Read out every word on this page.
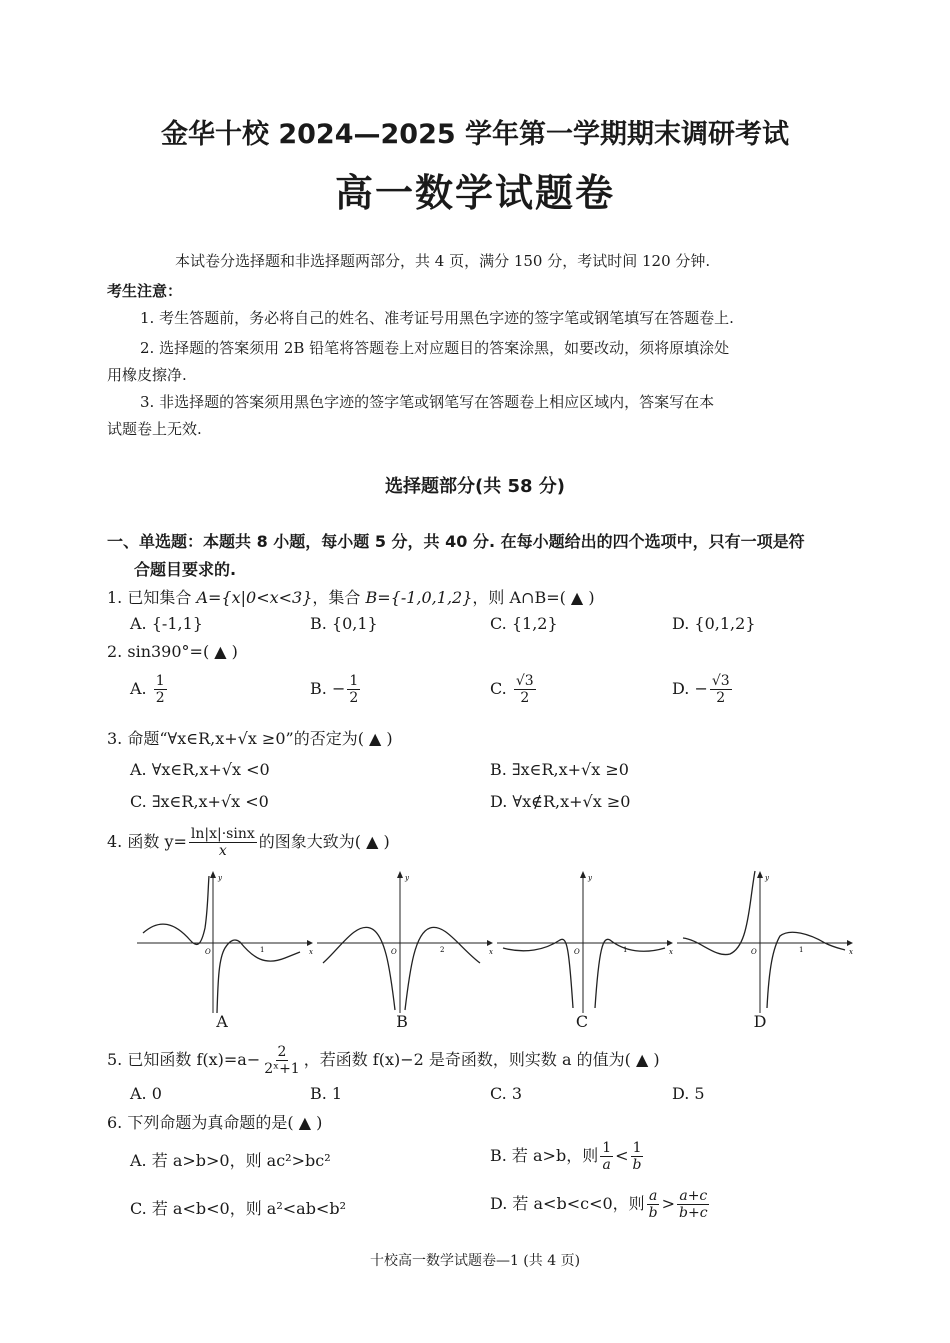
金华十校 2024—2025 学年第一学期期末调研考试
高一数学试题卷
本试卷分选择题和非选择题两部分，共 4 页，满分 150 分，考试时间 120 分钟.
考生注意：
1. 考生答题前，务必将自己的姓名、准考证号用黑色字迹的签字笔或钢笔填写在答题卷上.
2. 选择题的答案须用 2B 铅笔将答题卷上对应题目的答案涂黑，如要改动，须将原填涂处
用橡皮擦净.
3. 非选择题的答案须用黑色字迹的签字笔或钢笔写在答题卷上相应区域内，答案写在本
试题卷上无效.
选择题部分(共 58 分)
一、单选题：本题共 8 小题，每小题 5 分，共 40 分. 在每小题给出的四个选项中，只有一项是符
合题目要求的.
1. 已知集合 A={x|0<x<3}，集合 B={-1,0,1,2}，则 A∩B=( ▲ )
A. {-1,1}	B. {0,1}	C. {1,2}	D. {0,1,2}
2. sin390°=( ▲ )
A. $\frac{1}{2}$	B. − $\frac{1}{2}$	C. $\frac{√3}{2}$	D. − $\frac{√3}{2}$
3. 命题“∀x∈R,x+√x ≥0”的否定为( ▲ )
A. ∀x∈R,x+√x <0	B. ∃x∈R,x+√x ≥0
C. ∃x∈R,x+√x <0	D. ∀x∉R,x+√x ≥0
4. 函数 $y= \frac{\ln|x|\cdot\sin x}{x}$ 的图象大致为( ▲ )
y
x
O	1
A
y
x
O	2
B
y
x
O	1
C
y
x
O	1
D
5. 已知函数 $f(x)=a- \frac{2}{\text{2ˣ+1}}$ ，若函数 f(x)−2 是奇函数，则实数 a 的值为( ▲ )
A. 0	B. 1	C. 3	D. 5
6. 下列命题为真命题的是( ▲ )
A. 若 a>b>0，则 ac²>bc²	B. 若 a>b，则 $\frac{1}{a} < \frac{1}{b}$
C. 若 a<b<0，则 a²<ab<b²	D. 若 a<b<c<0，则 $\frac{a}{b} > \frac{a+c}{b+c}$
十校高一数学试题卷—1 (共 4 页)
